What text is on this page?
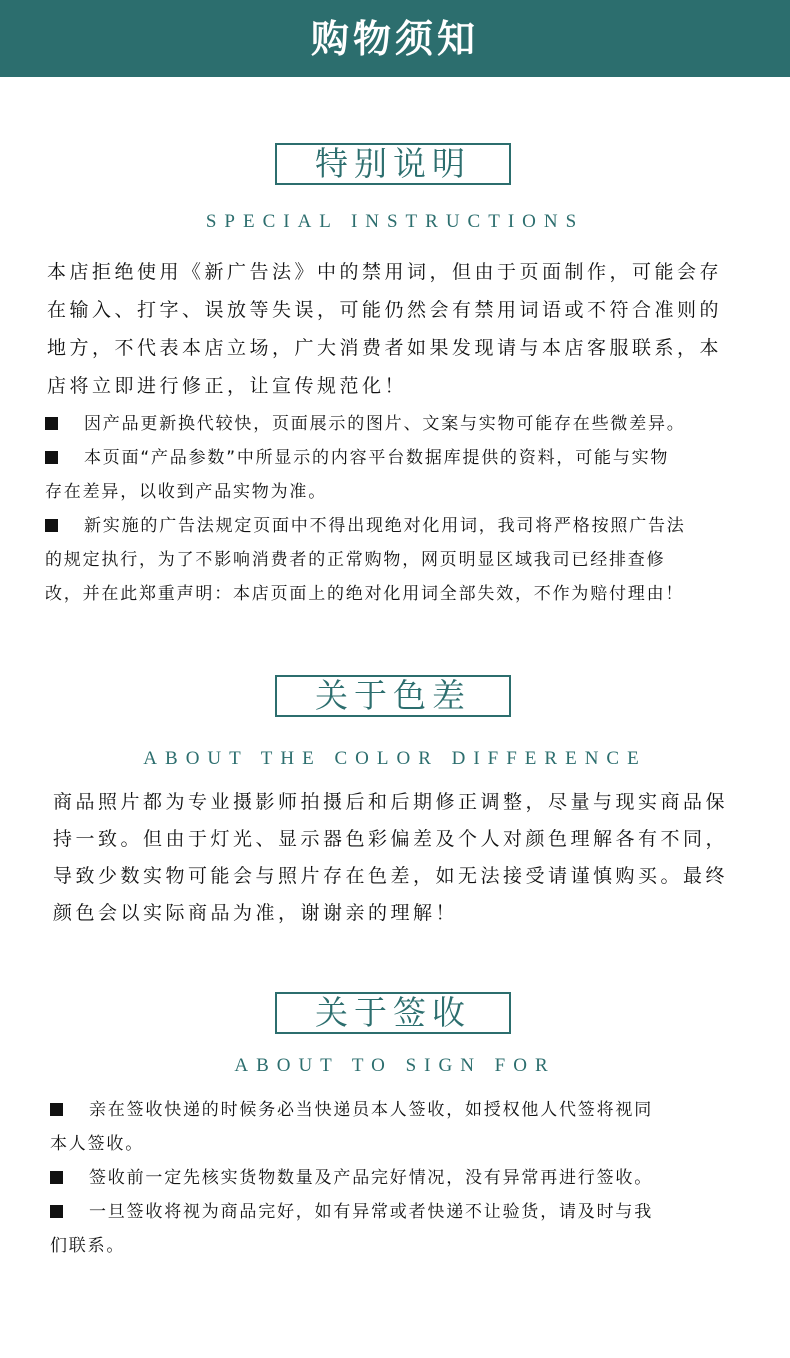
购物须知
特别说明
SPECIAL INSTRUCTIONS
本店拒绝使用《新广告法》中的禁用词，但由于页面制作，可能会存
在输入、打字、误放等失误，可能仍然会有禁用词语或不符合准则的
地方，不代表本店立场，广大消费者如果发现请与本店客服联系，本
店将立即进行修正，让宣传规范化！
因产品更新换代较快，页面展示的图片、文案与实物可能存在些微差异。
本页面“产品参数”中所显示的内容平台数据库提供的资料，可能与实物
存在差异，以收到产品实物为准。
新实施的广告法规定页面中不得出现绝对化用词，我司将严格按照广告法
的规定执行，为了不影响消费者的正常购物，网页明显区域我司已经排查修
改，并在此郑重声明：本店页面上的绝对化用词全部失效，不作为赔付理由！
关于色差
ABOUT THE COLOR DIFFERENCE
商品照片都为专业摄影师拍摄后和后期修正调整，尽量与现实商品保
持一致。但由于灯光、显示器色彩偏差及个人对颜色理解各有不同，
导致少数实物可能会与照片存在色差，如无法接受请谨慎购买。最终
颜色会以实际商品为准，谢谢亲的理解！
关于签收
ABOUT TO SIGN FOR
亲在签收快递的时候务必当快递员本人签收，如授权他人代签将视同
本人签收。
签收前一定先核实货物数量及产品完好情况，没有异常再进行签收。
一旦签收将视为商品完好，如有异常或者快递不让验货，请及时与我
们联系。
